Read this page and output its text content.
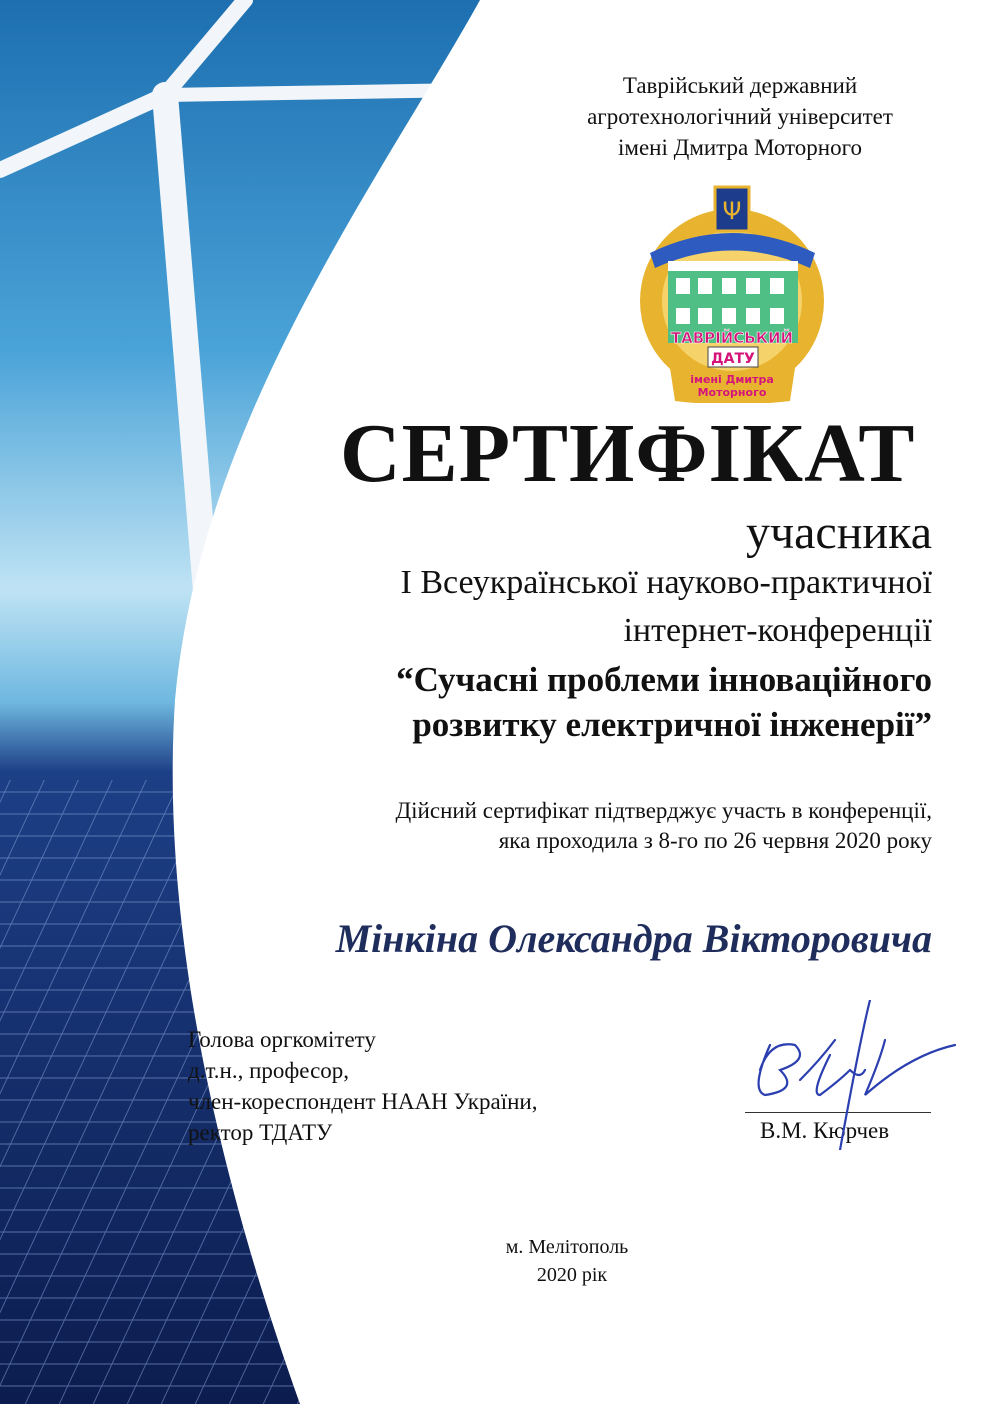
Таврійський державний
агротехнологічний університет
імені Дмитра Моторного
Ψ
ТАВРІЙСЬКИЙ
ДАТУ
імені Дмитра
Моторного
СЕРТИФІКАТ
учасника
І Всеукраїнської науково-практичної
інтернет-конференції
“Сучасні проблеми інноваційного
розвитку електричної інженерії”
Дійсний сертифікат підтверджує участь в конференції,
яка проходила з 8-го по 26 червня 2020 року
Мінкіна Олександра Вікторовича
Голова оргкомітету
д.т.н., професор,
член-кореспондент НААН України,
ректор ТДАТУ	В.М. Кюрчев
м. Мелітополь
2020 рік
